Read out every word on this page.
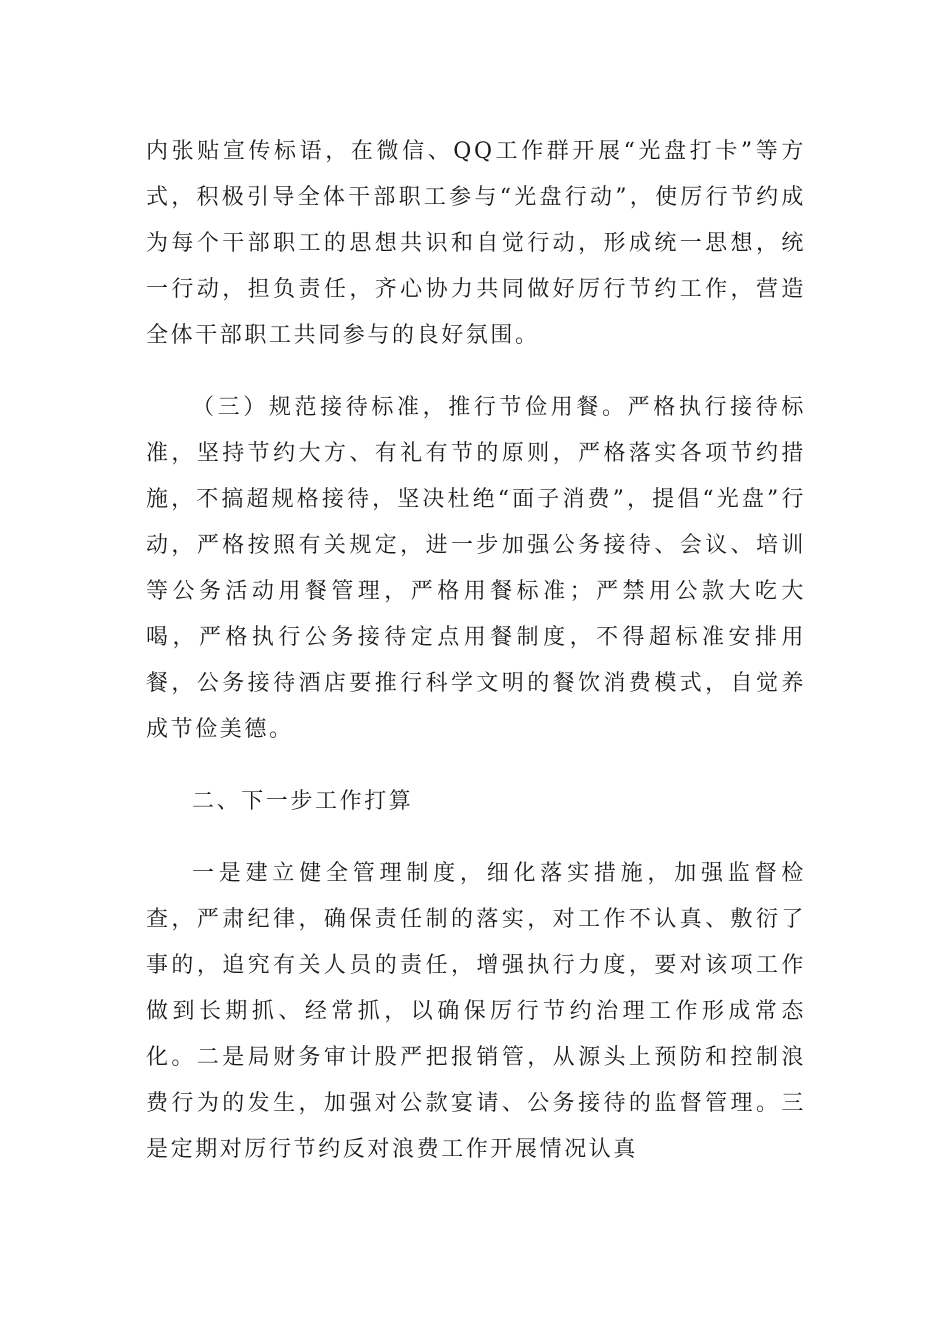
内张贴宣传标语，在微信、QQ工作群开展“光盘打卡”等方式，积极引导全体干部职工参与“光盘行动”，使厉行节约成为每个干部职工的思想共识和自觉行动，形成统一思想，统一行动，担负责任，齐心协力共同做好厉行节约工作，营造全体干部职工共同参与的良好氛围。

（三）规范接待标准，推行节俭用餐。严格执行接待标准，坚持节约大方、有礼有节的原则，严格落实各项节约措施，不搞超规格接待，坚决杜绝“面子消费”，提倡“光盘”行动，严格按照有关规定，进一步加强公务接待、会议、培训等公务活动用餐管理，严格用餐标准；严禁用公款大吃大喝，严格执行公务接待定点用餐制度，不得超标准安排用餐，公务接待酒店要推行科学文明的餐饮消费模式，自觉养成节俭美德。

二、下一步工作打算

一是建立健全管理制度，细化落实措施，加强监督检查，严肃纪律，确保责任制的落实，对工作不认真、敷衍了事的，追究有关人员的责任，增强执行力度，要对该项工作做到长期抓、经常抓，以确保厉行节约治理工作形成常态化。二是局财务审计股严把报销管，从源头上预防和控制浪费行为的发生，加强对公款宴请、公务接待的监督管理。三是定期对厉行节约反对浪费工作开展情况认真
